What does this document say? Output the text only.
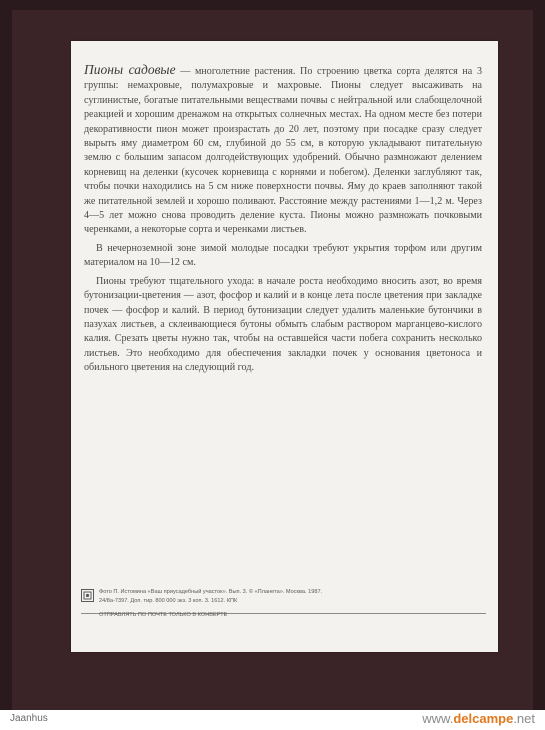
Пионы садовые — многолетние растения. По строению цветка сорта делятся на 3 группы: немахровые, полумахровые и махровые. Пионы следует высаживать на суглинистые, богатые питательными веществами почвы с нейтральной или слабощелочной реакцией и хорошим дренажом на открытых солнечных местах. На одном месте без потери декоративности пион может произрастать до 20 лет, поэтому при посадке сразу следует вырыть яму диаметром 60 см, глубиной до 55 см, в которую укладывают питательную землю с большим запасом долгодействующих удобрений. Обычно размножают делением корневищ на деленки (кусочек корневища с корнями и побегом). Деленки заглубляют так, чтобы почки находились на 5 см ниже поверхности почвы. Яму до краев заполняют такой же питательной землей и хорошо поливают. Расстояние между растениями 1—1,2 м. Через 4—5 лет можно снова проводить деление куста. Пионы можно размножать почковыми черенками, а некоторые сорта и черенками листьев.

В нечерноземной зоне зимой молодые посадки требуют укрытия торфом или другим материалом на 10—12 см.

Пионы требуют тщательного ухода: в начале роста необходимо вносить азот, во время бутонизации-цветения — азот, фосфор и калий и в конце лета после цветения при закладке почек — фосфор и калий. В период бутонизации следует удалить маленькие бутончики в пазухах листьев, а склеивающиеся бутоны обмыть слабым раствором марганцево-кислого калия. Срезать цветы нужно так, чтобы на оставшейся части побега сохранить несколько листьев. Это необходимо для обеспечения закладки почек у основания цветоноса и обильного цветения на следующий год.

Фото П. Истомина «Ваш приусадебный участок». Вып. 3. © «Планета». Москва. 1987.
24/8а-7397. Доп. тир. 800 000 экз. 3 коп. З. 1612. КПК
ОТПРАВЛЯТЬ ПО ПОЧТЕ ТОЛЬКО В КОНВЕРТЕ
Jaanhus	www.delcampe.net
